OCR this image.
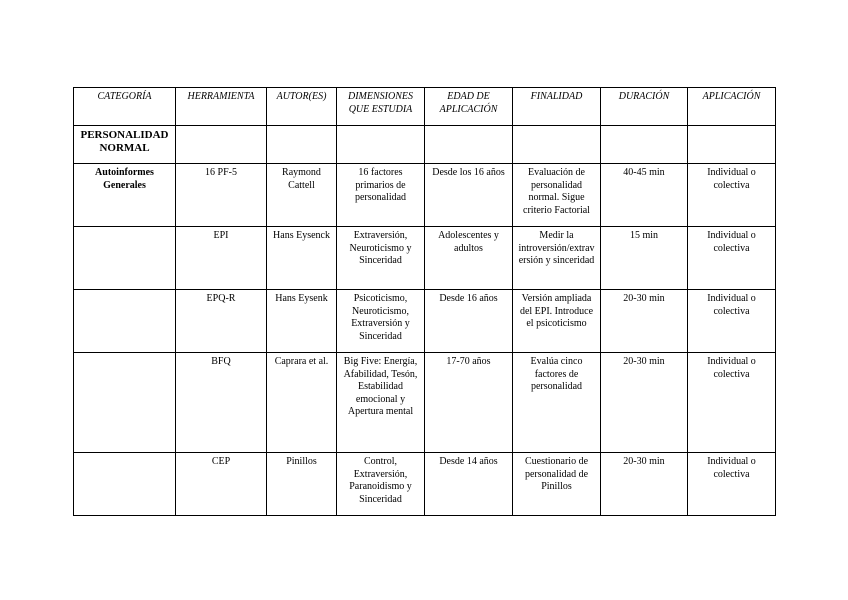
CATEGORÍA	HERRAMIENTA	AUTOR(ES)	DIMENSIONES QUE ESTUDIA	EDAD DE APLICACIÓN	FINALIDAD	DURACIÓN	APLICACIÓN
PERSONALIDAD NORMAL							
Autoinformes Generales	16 PF-5	Raymond Cattell	16 factores primarios de personalidad	Desde los 16 años	Evaluación de personalidad normal. Sigue criterio Factorial	40-45 min	Individual o colectiva
	EPI	Hans Eysenck	Extraversión, Neuroticismo y Sinceridad	Adolescentes y adultos	Medir la introversión/extraversión y sinceridad	15 min	Individual o colectiva
	EPQ-R	Hans Eysenk	Psicoticismo, Neuroticismo, Extraversión y Sinceridad	Desde 16 años	Versión ampliada del EPI. Introduce el psicoticismo	20-30 min	Individual o colectiva
	BFQ	Caprara et al.	Big Five: Energía, Afabilidad, Tesón, Estabilidad emocional y Apertura mental	17-70 años	Evalúa cinco factores de personalidad	20-30 min	Individual o colectiva
	CEP	Pinillos	Control, Extraversión, Paranoidismo y Sinceridad	Desde 14 años	Cuestionario de personalidad de Pinillos	20-30 min	Individual o colectiva
